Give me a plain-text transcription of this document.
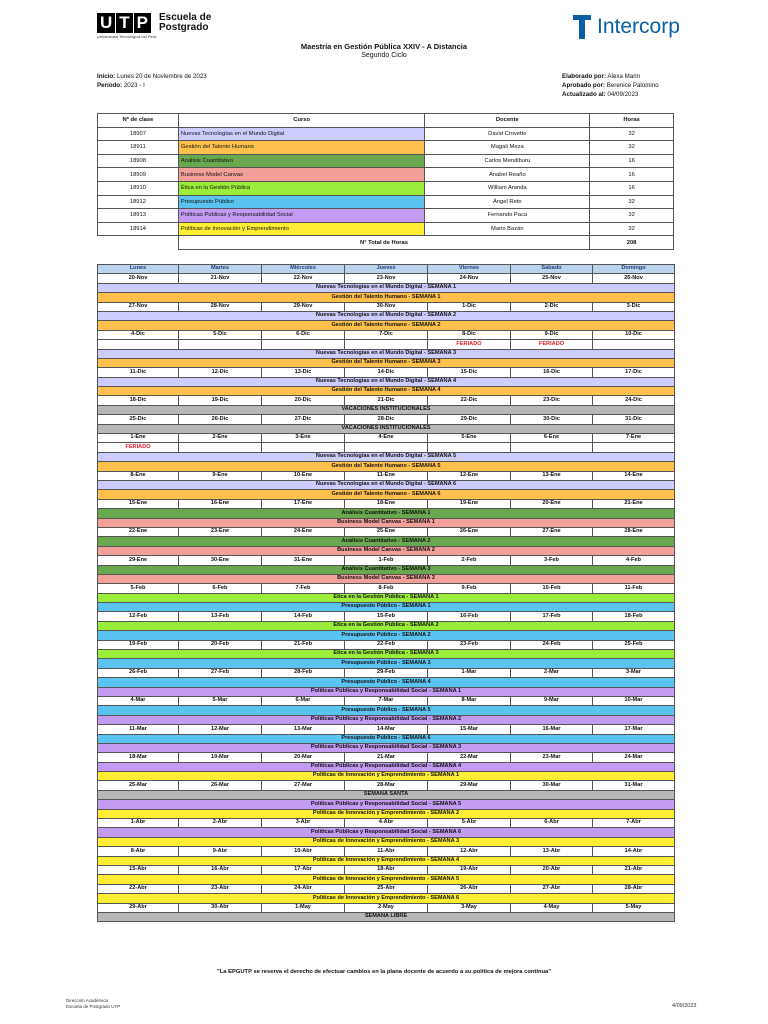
U T P Escuela de
Postgrado
Universidad Tecnológica del Perú	Intercorp
Maestría en Gestión Pública XXIV - A Distancia
Segundo Ciclo
Inicio: Lunes 20 de Noviembre de 2023
Período: 2023 - I
Elaborado por: Alexa Marin
Aprobado por: Berenice Palomino
Actualizado al: 04/09/2023
Nº de clase	Curso	Docente	Horas
18907	Nuevas Tecnologías en el Mundo Digital	David Crovetto	32
18911	Gestión del Talento Humano	Magali Meza	32
18908	Análisis Cuantitativo	Carlos Mendiburu	16
18909	Business Model Canvas	Anabel Reaño	16
18910	Ética en la Gestión Pública	William Aranda	16
18912	Presupuesto Público	Ángel Reto	32
18913	Políticas Públicas y Responsabilidad Social	Fernando Paca	32
18914	Políticas de Innovación y Emprendimiento	Mario Bazán	32
	N° Total de Horas		208
Lunes	Martes	Miércoles	Jueves	Viernes	Sábado	Domingo
20-Nov	21-Nov	22-Nov	23-Nov	24-Nov	25-Nov	26-Nov
Nuevas Tecnologías en el Mundo Digital - SEMANA 1						
Gestión del Talento Humano - SEMANA 1						
27-Nov	28-Nov	29-Nov	30-Nov	1-Dic	2-Dic	3-Dic
Nuevas Tecnologías en el Mundo Digital - SEMANA 2						
Gestión del Talento Humano - SEMANA 2						
4-Dic	5-Dic	6-Dic	7-Dic	8-Dic	9-Dic	10-Dic
				FERIADO	FERIADO	
Nuevas Tecnologías en el Mundo Digital - SEMANA 3						
Gestión del Talento Humano - SEMANA 3						
11-Dic	12-Dic	13-Dic	14-Dic	15-Dic	16-Dic	17-Dic
Nuevas Tecnologías en el Mundo Digital - SEMANA 4						
Gestión del Talento Humano - SEMANA 4						
18-Dic	19-Dic	20-Dic	21-Dic	22-Dic	23-Dic	24-Dic
VACACIONES INSTITUCIONALES						
25-Dic	26-Dic	27-Dic	28-Dic	29-Dic	30-Dic	31-Dic
VACACIONES INSTITUCIONALES						
1-Ene	2-Ene	3-Ene	4-Ene	5-Ene	6-Ene	7-Ene
FERIADO						
Nuevas Tecnologías en el Mundo Digital - SEMANA 5						
Gestión del Talento Humano - SEMANA 5						
8-Ene	9-Ene	10-Ene	11-Ene	12-Ene	13-Ene	14-Ene
Nuevas Tecnologías en el Mundo Digital - SEMANA 6						
Gestión del Talento Humano - SEMANA 6						
15-Ene	16-Ene	17-Ene	18-Ene	19-Ene	20-Ene	21-Ene
Análisis Cuantitativo - SEMANA 1						
Business Model Canvas - SEMANA 1						
22-Ene	23-Ene	24-Ene	25-Ene	26-Ene	27-Ene	28-Ene
Análisis Cuantitativo - SEMANA 2						
Business Model Canvas - SEMANA 2						
29-Ene	30-Ene	31-Ene	1-Feb	2-Feb	3-Feb	4-Feb
Análisis Cuantitativo - SEMANA 3						
Business Model Canvas - SEMANA 3						
5-Feb	6-Feb	7-Feb	8-Feb	9-Feb	10-Feb	11-Feb
Ética en la Gestión Pública - SEMANA 1						
Presupuesto Público - SEMANA 1						
12-Feb	13-Feb	14-Feb	15-Feb	16-Feb	17-Feb	18-Feb
Ética en la Gestión Pública - SEMANA 2						
Presupuesto Público - SEMANA 2						
19-Feb	20-Feb	21-Feb	22-Feb	23-Feb	24-Feb	25-Feb
Ética en la Gestión Pública - SEMANA 3						
Presupuesto Público - SEMANA 3						
26-Feb	27-Feb	28-Feb	29-Feb	1-Mar	2-Mar	3-Mar
Presupuesto Público - SEMANA 4						
Políticas Públicas y Responsabilidad Social - SEMANA 1						
4-Mar	5-Mar	6-Mar	7-Mar	8-Mar	9-Mar	10-Mar
Presupuesto Público - SEMANA 5						
Políticas Públicas y Responsabilidad Social - SEMANA 2						
11-Mar	12-Mar	13-Mar	14-Mar	15-Mar	16-Mar	17-Mar
Presupuesto Público - SEMANA 6						
Políticas Públicas y Responsabilidad Social - SEMANA 3						
18-Mar	19-Mar	20-Mar	21-Mar	22-Mar	23-Mar	24-Mar
Políticas Públicas y Responsabilidad Social - SEMANA 4						
Políticas de Innovación y Emprendimiento - SEMANA 1						
25-Mar	26-Mar	27-Mar	28-Mar	29-Mar	30-Mar	31-Mar
SEMANA SANTA						
Políticas Públicas y Responsabilidad Social - SEMANA 5						
Políticas de Innovación y Emprendimiento - SEMANA 2						
1-Abr	2-Abr	3-Abr	4-Abr	5-Abr	6-Abr	7-Abr
Políticas Públicas y Responsabilidad Social - SEMANA 6						
Políticas de Innovación y Emprendimiento - SEMANA 3						
8-Abr	9-Abr	10-Abr	11-Abr	12-Abr	13-Abr	14-Abr
Políticas de Innovación y Emprendimiento - SEMANA 4						
15-Abr	16-Abr	17-Abr	18-Abr	19-Abr	20-Abr	21-Abr
Políticas de Innovación y Emprendimiento - SEMANA 5						
22-Abr	23-Abr	24-Abr	25-Abr	26-Abr	27-Abr	28-Abr
Políticas de Innovación y Emprendimiento - SEMANA 6						
29-Abr	30-Abr	1-May	2-May	3-May	4-May	5-May
SEMANA LIBRE						
"La EPGUTP se reserva el derecho de efectuar cambios en la plana docente de acuerdo a su política de mejora continua"
Dirección Académica
Escuela de Postgrado UTP	4/09/2023
